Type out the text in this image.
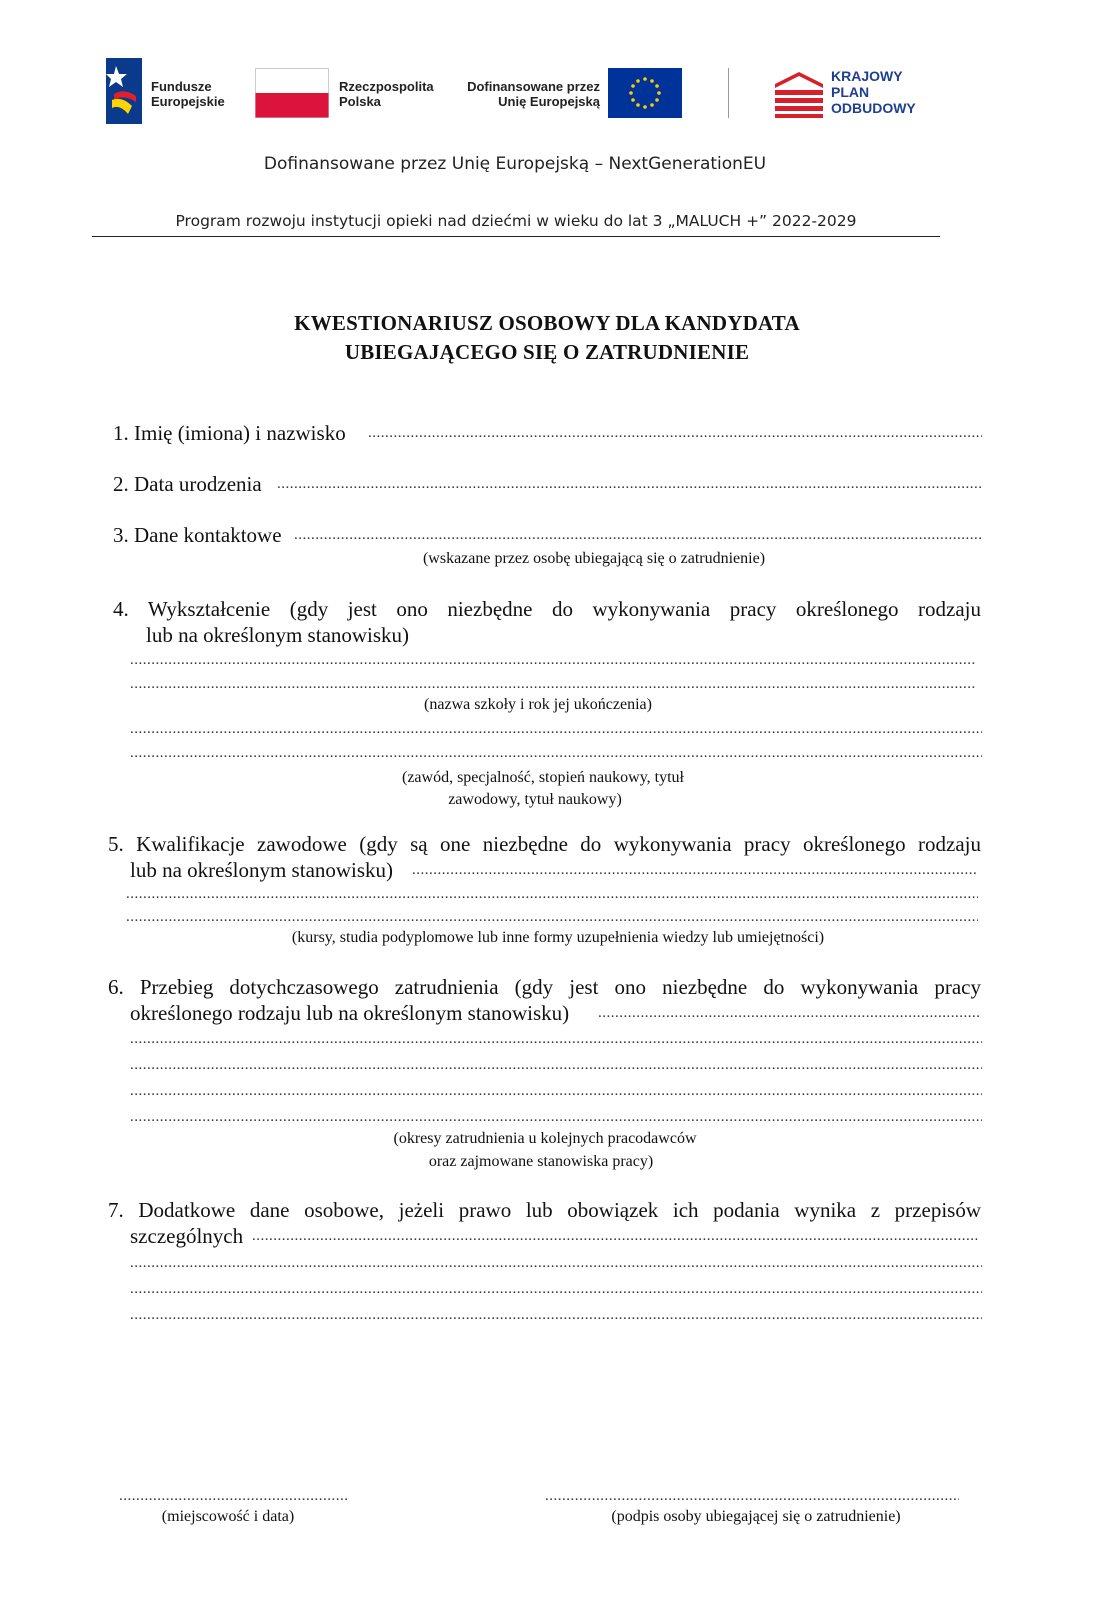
Fundusze
Europejskie
Rzeczpospolita
Polska
Dofinansowane przez
Unię Europejską
KRAJOWY
PLAN
ODBUDOWY
Dofinansowane przez Unię Europejską – NextGenerationEU
Program rozwoju instytucji opieki nad dziećmi w wieku do lat 3 „MALUCH +” 2022-2029
KWESTIONARIUSZ OSOBOWY DLA KANDYDATA
UBIEGAJĄCEGO SIĘ O ZATRUDNIENIE
1. Imię (imiona) i nazwisko
.....
2. Data urodzenia
.....
3. Dane kontaktowe
.....
(wskazane przez osobę ubiegającą się o zatrudnienie)
4. Wykształcenie (gdy jest ono niezbędne do wykonywania pracy określonego rodzaju
lub na określonym stanowisku)
.....
.....
(nazwa szkoły i rok jej ukończenia)
.....
.....
(zawód, specjalność, stopień naukowy, tytuł
zawodowy, tytuł naukowy)
5. Kwalifikacje zawodowe (gdy są one niezbędne do wykonywania pracy określonego rodzaju
lub na określonym stanowisku)
.....
.....
.....
(kursy, studia podyplomowe lub inne formy uzupełnienia wiedzy lub umiejętności)
6. Przebieg dotychczasowego zatrudnienia (gdy jest ono niezbędne do wykonywania pracy
określonego rodzaju lub na określonym stanowisku)
.....
.....
.....
.....
.....
(okresy zatrudnienia u kolejnych pracodawców
oraz zajmowane stanowiska pracy)
7. Dodatkowe dane osobowe, jeżeli prawo lub obowiązek ich podania wynika z przepisów
szczególnych
.....
.....
.....
.....
.....
(miejscowość i data)
.....	(podpis osoby ubiegającej się o zatrudnienie)
